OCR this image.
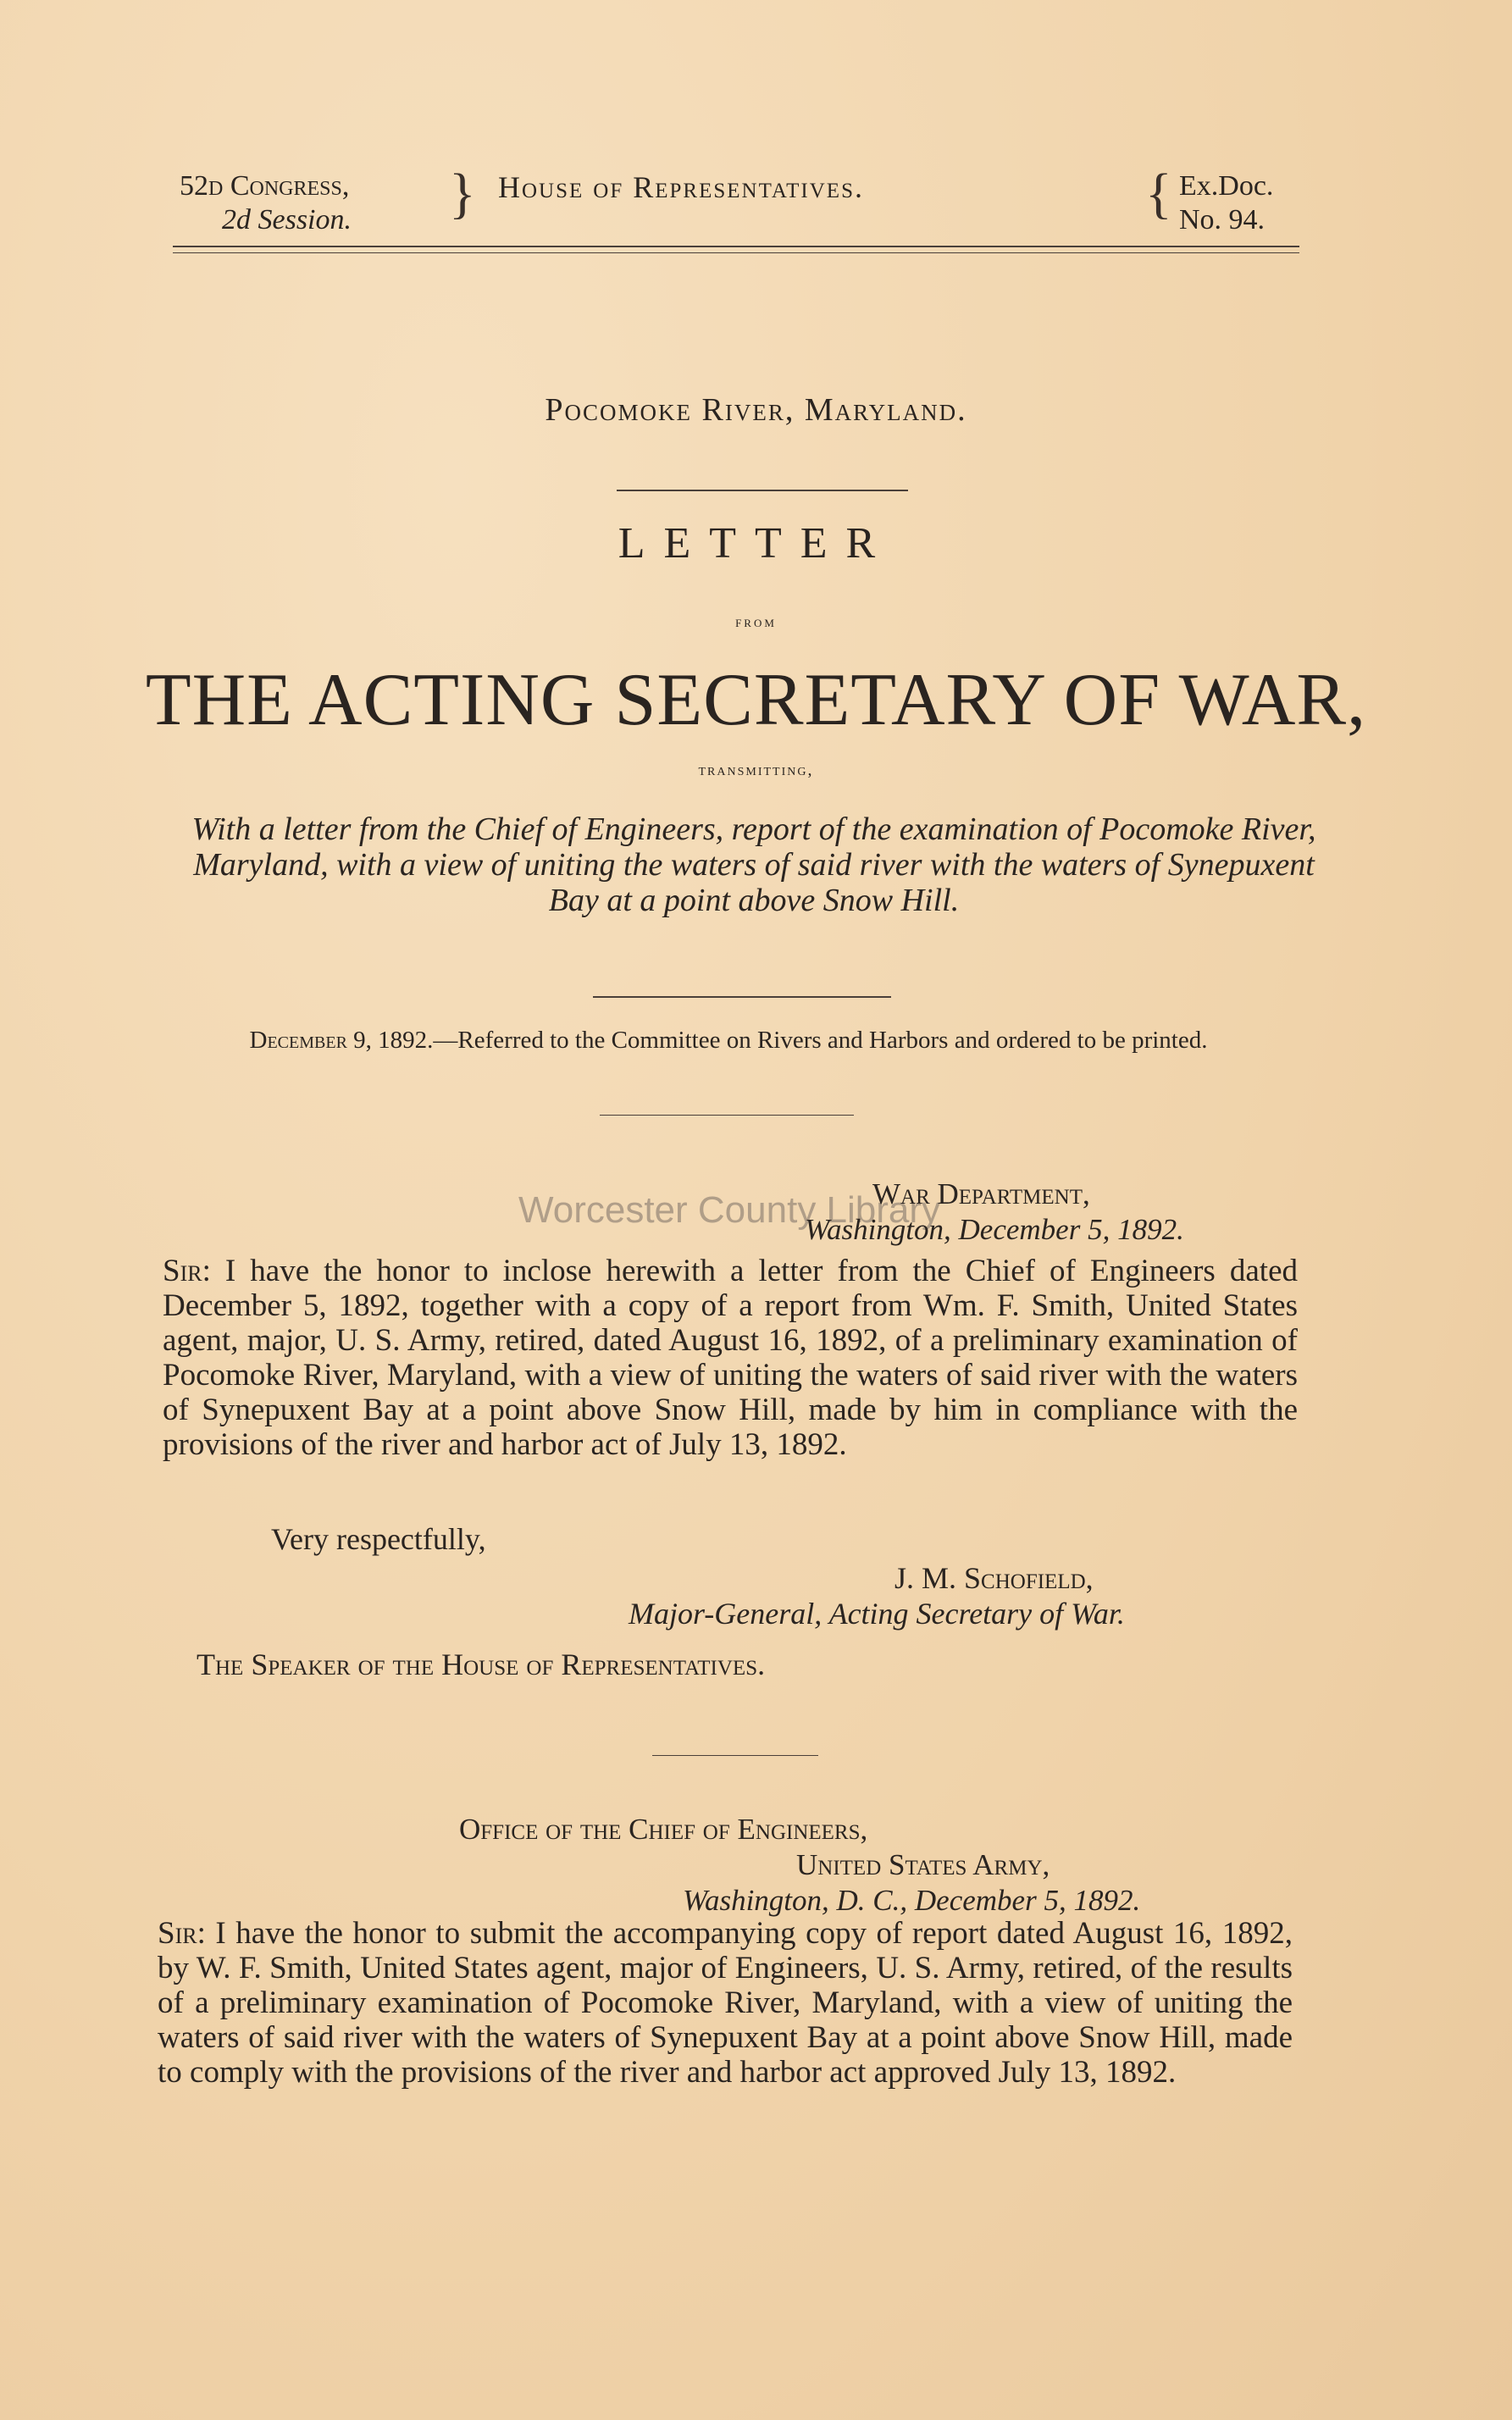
52d Congress,
2d Session. } House of Representatives.	{ Ex.Doc.
No. 94.
Pocomoke River, Maryland.
LETTER
from
THE ACTING SECRETARY OF WAR,
transmitting,
With a letter from the Chief of Engineers, report of the examination of Pocomoke River, Maryland, with a view of uniting the waters of said river with the waters of Synepuxent Bay at a point above Snow Hill.
December 9, 1892.—Referred to the Committee on Rivers and Harbors and ordered to be printed.
Worcester County Library
War Department,
Washington, December 5, 1892.
Sir: I have the honor to inclose herewith a letter from the Chief of Engineers dated December 5, 1892, together with a copy of a report from Wm. F. Smith, United States agent, major, U. S. Army, retired, dated August 16, 1892, of a preliminary examination of Pocomoke River, Maryland, with a view of uniting the waters of said river with the waters of Synepuxent Bay at a point above Snow Hill, made by him in compliance with the provisions of the river and harbor act of July 13, 1892.
Very respectfully,
J. M. Schofield,
Major-General, Acting Secretary of War.
The Speaker of the House of Representatives.
Office of the Chief of Engineers,
United States Army,
Washington, D. C., December 5, 1892.
Sir: I have the honor to submit the accompanying copy of report dated August 16, 1892, by W. F. Smith, United States agent, major of Engineers, U. S. Army, retired, of the results of a preliminary examination of Pocomoke River, Maryland, with a view of uniting the waters of said river with the waters of Synepuxent Bay at a point above Snow Hill, made to comply with the provisions of the river and harbor act approved July 13, 1892.
